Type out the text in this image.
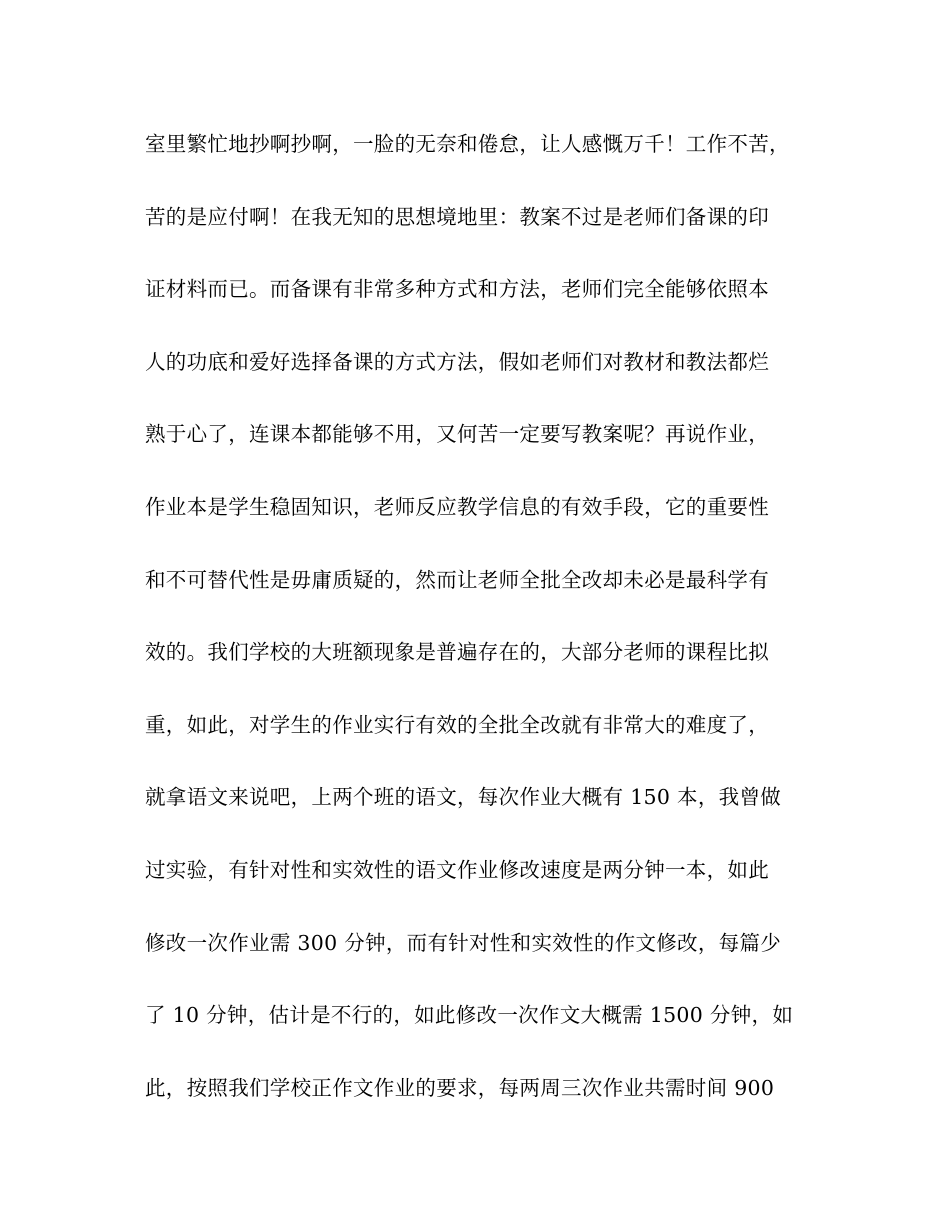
室里繁忙地抄啊抄啊，一脸的无奈和倦怠，让人感慨万千！工作不苦，
苦的是应付啊！在我无知的思想境地里：教案不过是老师们备课的印
证材料而已。而备课有非常多种方式和方法，老师们完全能够依照本
人的功底和爱好选择备课的方式方法，假如老师们对教材和教法都烂
熟于心了，连课本都能够不用，又何苦一定要写教案呢？再说作业，
作业本是学生稳固知识，老师反应教学信息的有效手段，它的重要性
和不可替代性是毋庸质疑的，然而让老师全批全改却未必是最科学有
效的。我们学校的大班额现象是普遍存在的，大部分老师的课程比拟
重，如此，对学生的作业实行有效的全批全改就有非常大的难度了，
就拿语文来说吧，上两个班的语文，每次作业大概有 150 本，我曾做
过实验，有针对性和实效性的语文作业修改速度是两分钟一本，如此
修改一次作业需 300 分钟，而有针对性和实效性的作文修改，每篇少
了 10 分钟，估计是不行的，如此修改一次作文大概需 1500 分钟，如
此，按照我们学校正作文作业的要求，每两周三次作业共需时间 900
